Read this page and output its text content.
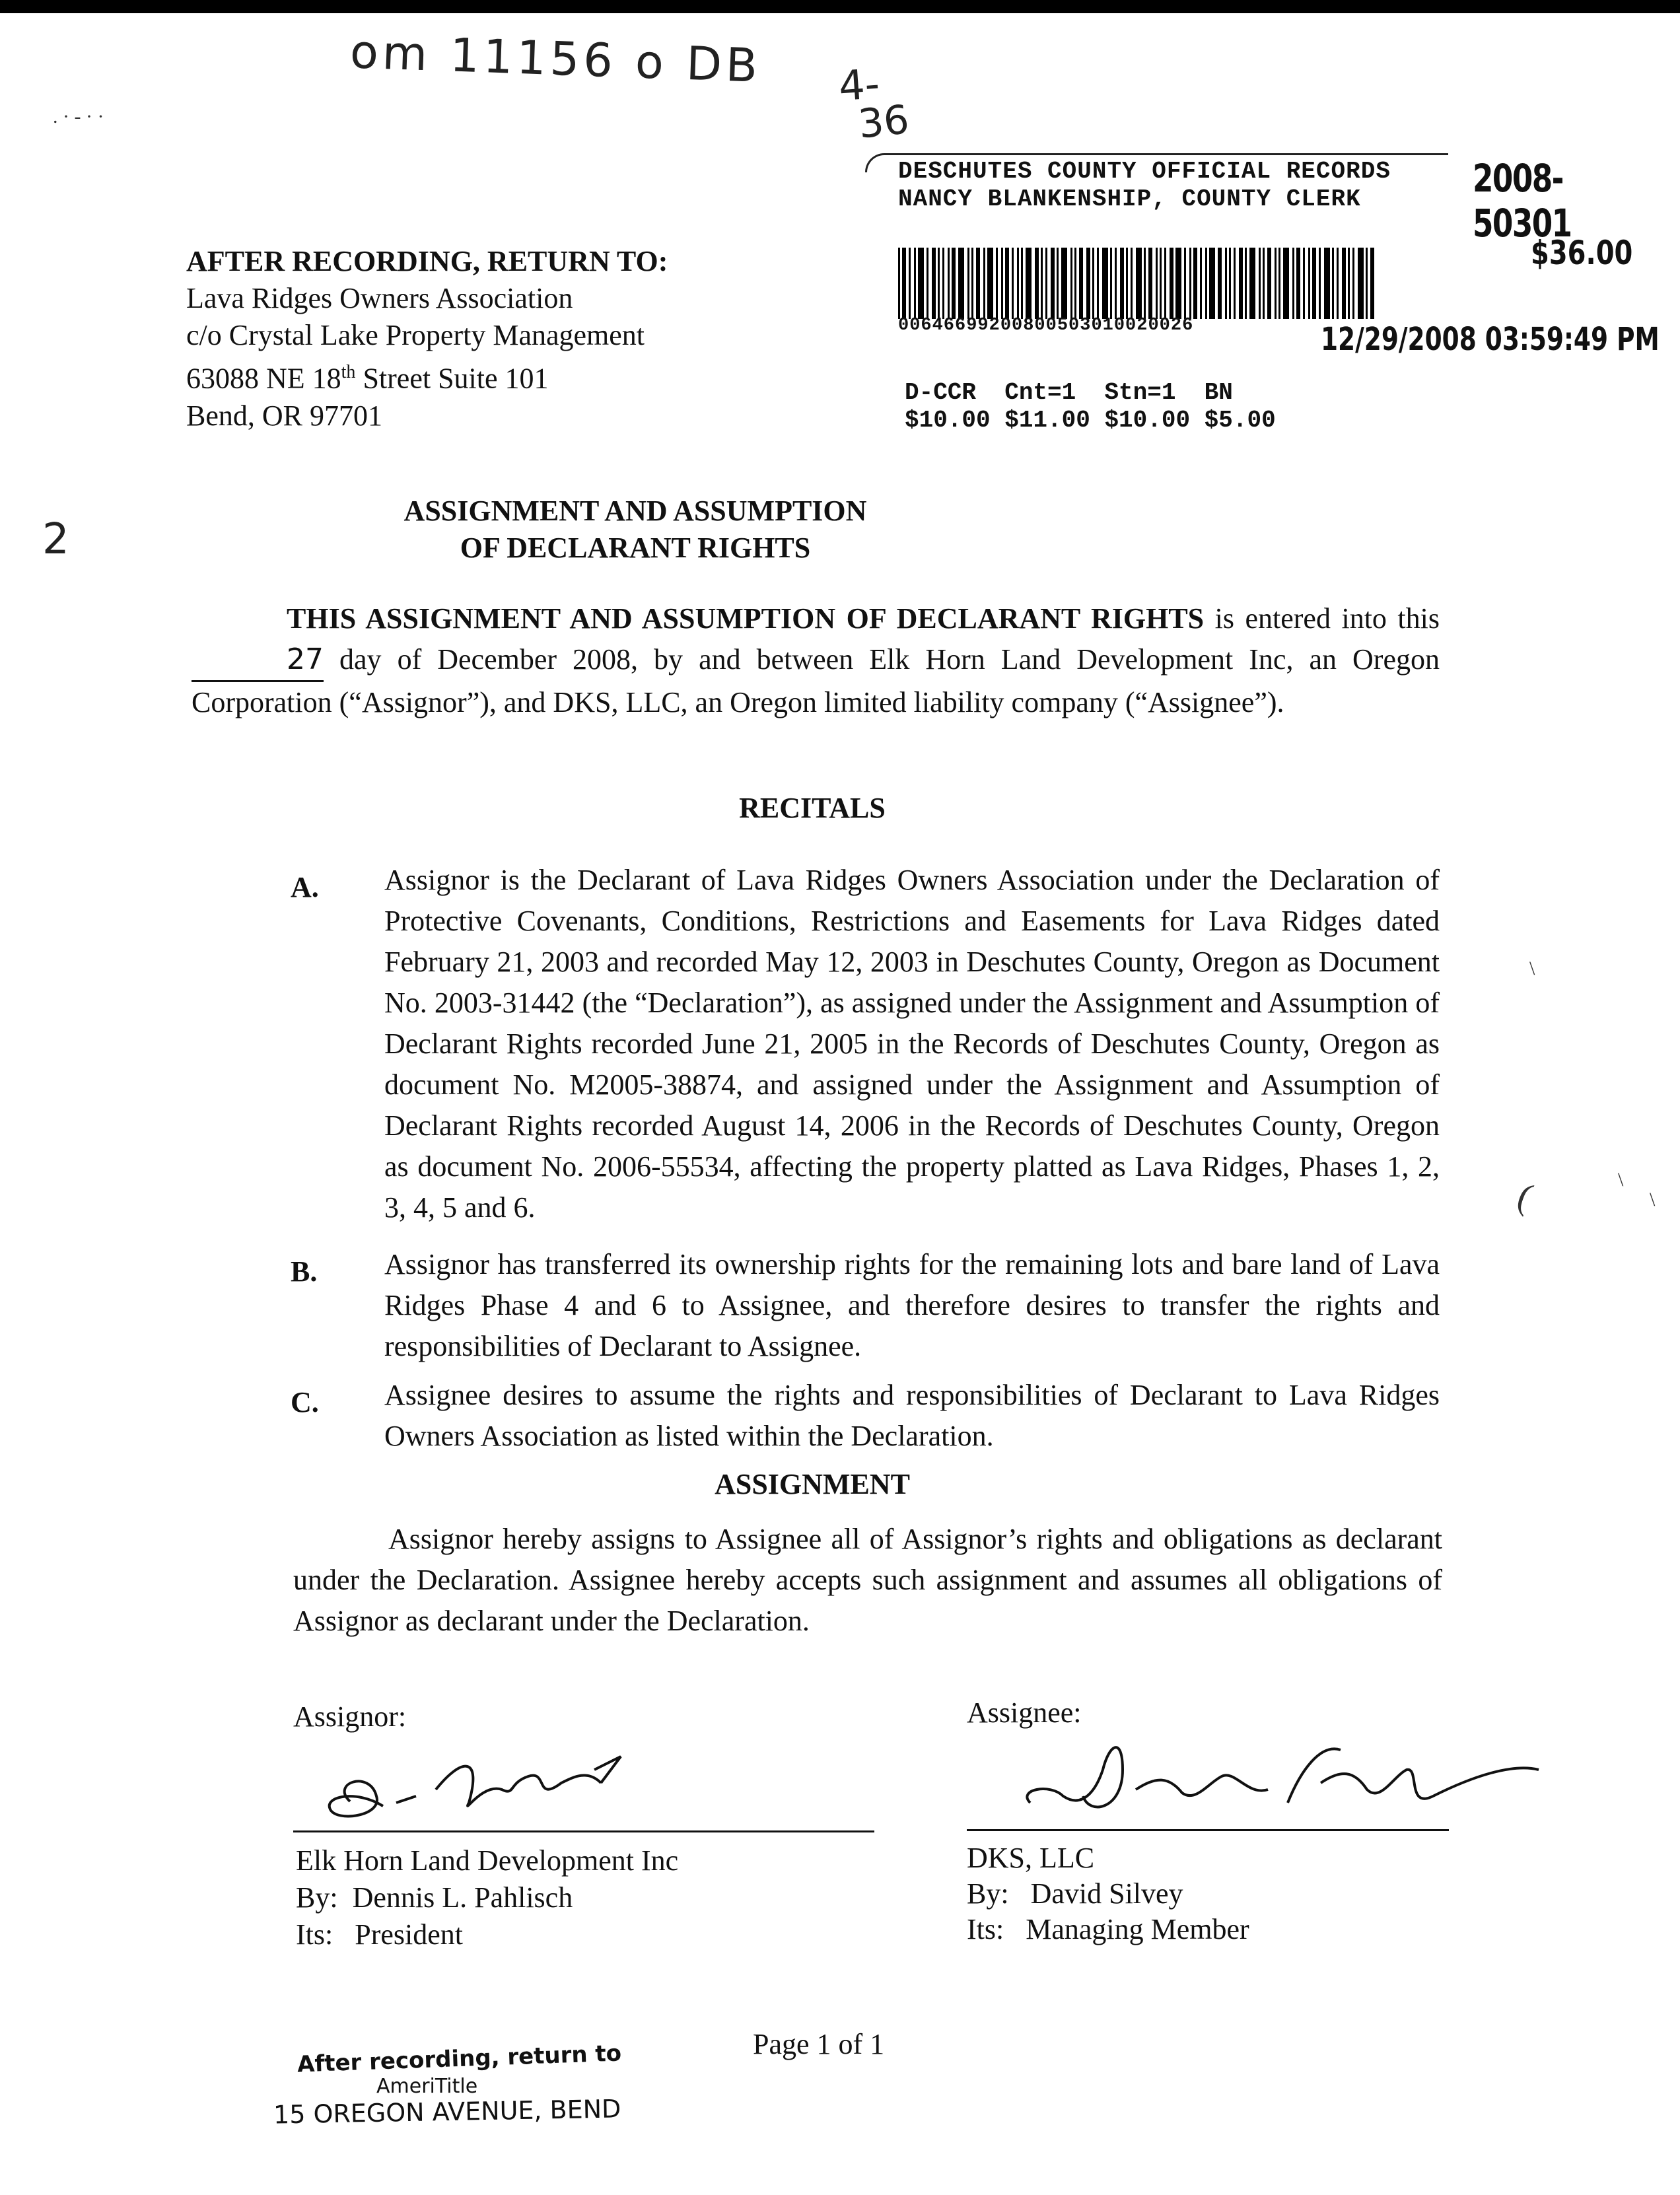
om 11156 o DB 4-
36
2
. · - · ·
DESCHUTES COUNTY OFFICIAL RECORDS
NANCY BLANKENSHIP, COUNTY CLERK	2008-50301
$36.00
00646699200800503010020026	12/29/2008 03:59:49 PM
D-CCR  Cnt=1  Stn=1  BN
$10.00 $11.00 $10.00 $5.00
AFTER RECORDING, RETURN TO:
Lava Ridges Owners Association
c/o Crystal Lake Property Management
63088 NE 18th Street Suite 101
Bend, OR 97701
ASSIGNMENT AND ASSUMPTION
OF DECLARANT RIGHTS
THIS ASSIGNMENT AND ASSUMPTION OF DECLARANT RIGHTS is entered into this 27 day of December 2008, by and between Elk Horn Land Development Inc, an Oregon Corporation (“Assignor”), and DKS, LLC, an Oregon limited liability company (“Assignee”).
RECITALS
A. Assignor is the Declarant of Lava Ridges Owners Association under the Declaration of Protective Covenants, Conditions, Restrictions and Easements for Lava Ridges dated February 21, 2003 and recorded May 12, 2003 in Deschutes County, Oregon as Document No. 2003-31442 (the “Declaration”), as assigned under the Assignment and Assumption of Declarant Rights recorded June 21, 2005 in the Records of Deschutes County, Oregon as document No. M2005-38874, and assigned under the Assignment and Assumption of Declarant Rights recorded August 14, 2006 in the Records of Deschutes County, Oregon as document No. 2006-55534, affecting the property platted as Lava Ridges, Phases 1, 2, 3, 4, 5 and 6.
B. Assignor has transferred its ownership rights for the remaining lots and bare land of Lava Ridges Phase 4 and 6 to Assignee, and therefore desires to transfer the rights and responsibilities of Declarant to Assignee.
C. Assignee desires to assume the rights and responsibilities of Declarant to Lava Ridges Owners Association as listed within the Declaration.
ASSIGNMENT
Assignor hereby assigns to Assignee all of Assignor’s rights and obligations as declarant under the Declaration. Assignee hereby accepts such assignment and assumes all obligations of Assignor as declarant under the Declaration.
Assignor:
Elk Horn Land Development Inc
By:  Dennis L. Pahlisch
Its:   President
Assignee:
DKS, LLC
By:   David Silvey
Its:   Managing Member
After recording, return to
AmeriTitle
15 OREGON AVENUE, BEND
Page 1 of 1
(
\
\
\
